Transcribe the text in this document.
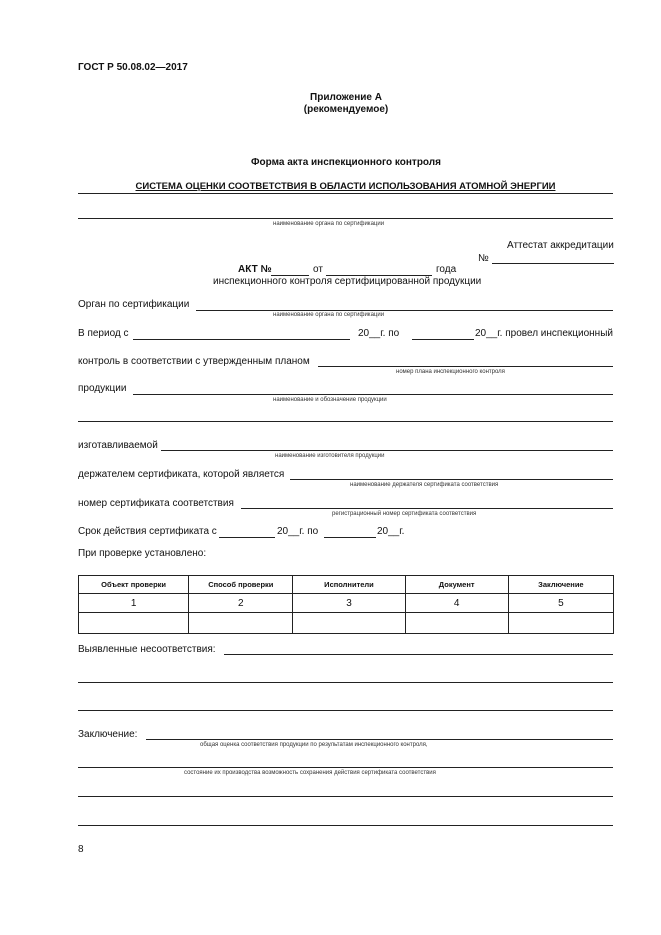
ГОСТ Р 50.08.02—2017
Приложение А
(рекомендуемое)
Форма акта инспекционного контроля
СИСТЕМА ОЦЕНКИ СООТВЕТСТВИЯ В ОБЛАСТИ ИСПОЛЬЗОВАНИЯ АТОМНОЙ ЭНЕРГИИ
наименование органа по сертификации
Аттестат аккредитации
№
АКТ №	от	года
инспекционного контроля сертифицированной продукции
Орган по сертификации
наименование органа по сертификации
В период с	20__г. по	20__г. провел инспекционный
контроль в соответствии с утвержденным планом
номер плана инспекционного контроля
продукции
наименование и обозначение продукции
изготавливаемой
наименование изготовителя продукции
держателем сертификата, которой является
наименование держателя сертификата соответствия
номер сертификата соответствия
регистрационный номер сертификата соответствия
Срок действия сертификата с	20__г. по	20__г.
При проверке установлено:
Объект проверки	Способ проверки	Исполнители	Документ	Заключение
1	2	3	4	5

Выявленные несоответствия:
Заключение:
общая оценка соответствия продукции по результатам инспекционного контроля,
состояние их производства возможность сохранения действия сертификата соответствия
8
